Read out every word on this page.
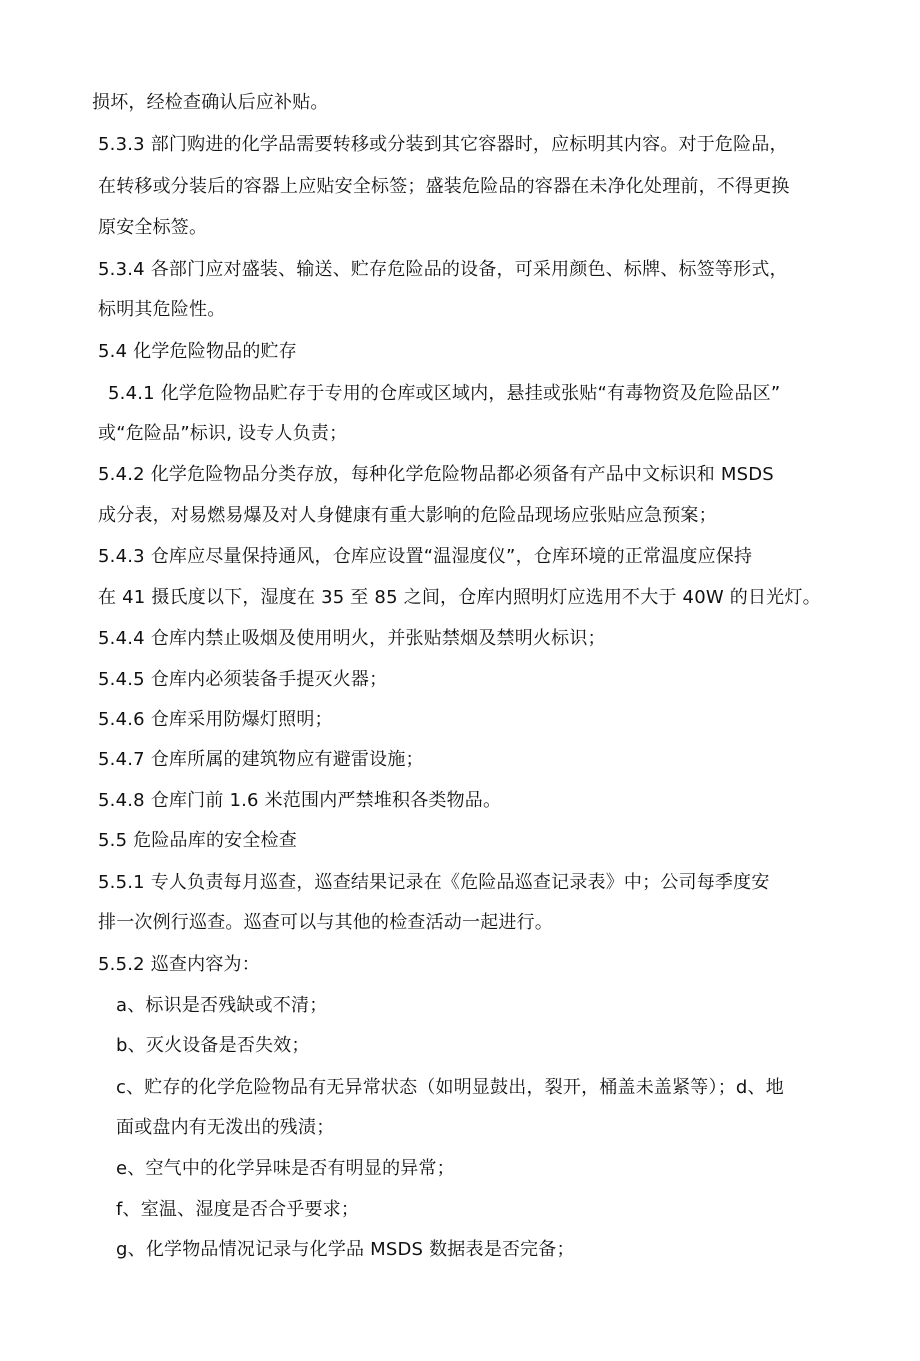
损坏，经检查确认后应补贴。
5.3.3 部门购进的化学品需要转移或分装到其它容器时，应标明其内容。对于危险品，
在转移或分装后的容器上应贴安全标签；盛装危险品的容器在未净化处理前，不得更换
原安全标签。
5.3.4 各部门应对盛装、输送、贮存危险品的设备，可采用颜色、标牌、标签等形式，
标明其危险性。
5.4 化学危险物品的贮存
5.4.1 化学危险物品贮存于专用的仓库或区域内，悬挂或张贴“有毒物资及危险品区”
或“危险品”标识, 设专人负责；
5.4.2 化学危险物品分类存放，每种化学危险物品都必须备有产品中文标识和 MSDS
成分表，对易燃易爆及对人身健康有重大影响的危险品现场应张贴应急预案；
5.4.3 仓库应尽量保持通风，仓库应设置“温湿度仪”，仓库环境的正常温度应保持
在 41 摄氏度以下，湿度在 35 至 85 之间，仓库内照明灯应选用不大于 40W 的日光灯。
5.4.4 仓库内禁止吸烟及使用明火，并张贴禁烟及禁明火标识；
5.4.5 仓库内必须装备手提灭火器；
5.4.6 仓库采用防爆灯照明；
5.4.7 仓库所属的建筑物应有避雷设施；
5.4.8 仓库门前 1.6 米范围内严禁堆积各类物品。
5.5 危险品库的安全检查
5.5.1 专人负责每月巡查，巡查结果记录在《危险品巡查记录表》中；公司每季度安
排一次例行巡查。巡查可以与其他的检查活动一起进行。
5.5.2 巡查内容为：
a、标识是否残缺或不清；
b、灭火设备是否失效；
c、贮存的化学危险物品有无异常状态（如明显鼓出，裂开，桶盖未盖紧等）；d、地
面或盘内有无泼出的残渍；
e、空气中的化学异味是否有明显的异常；
f、室温、湿度是否合乎要求；
g、化学物品情况记录与化学品 MSDS 数据表是否完备；
